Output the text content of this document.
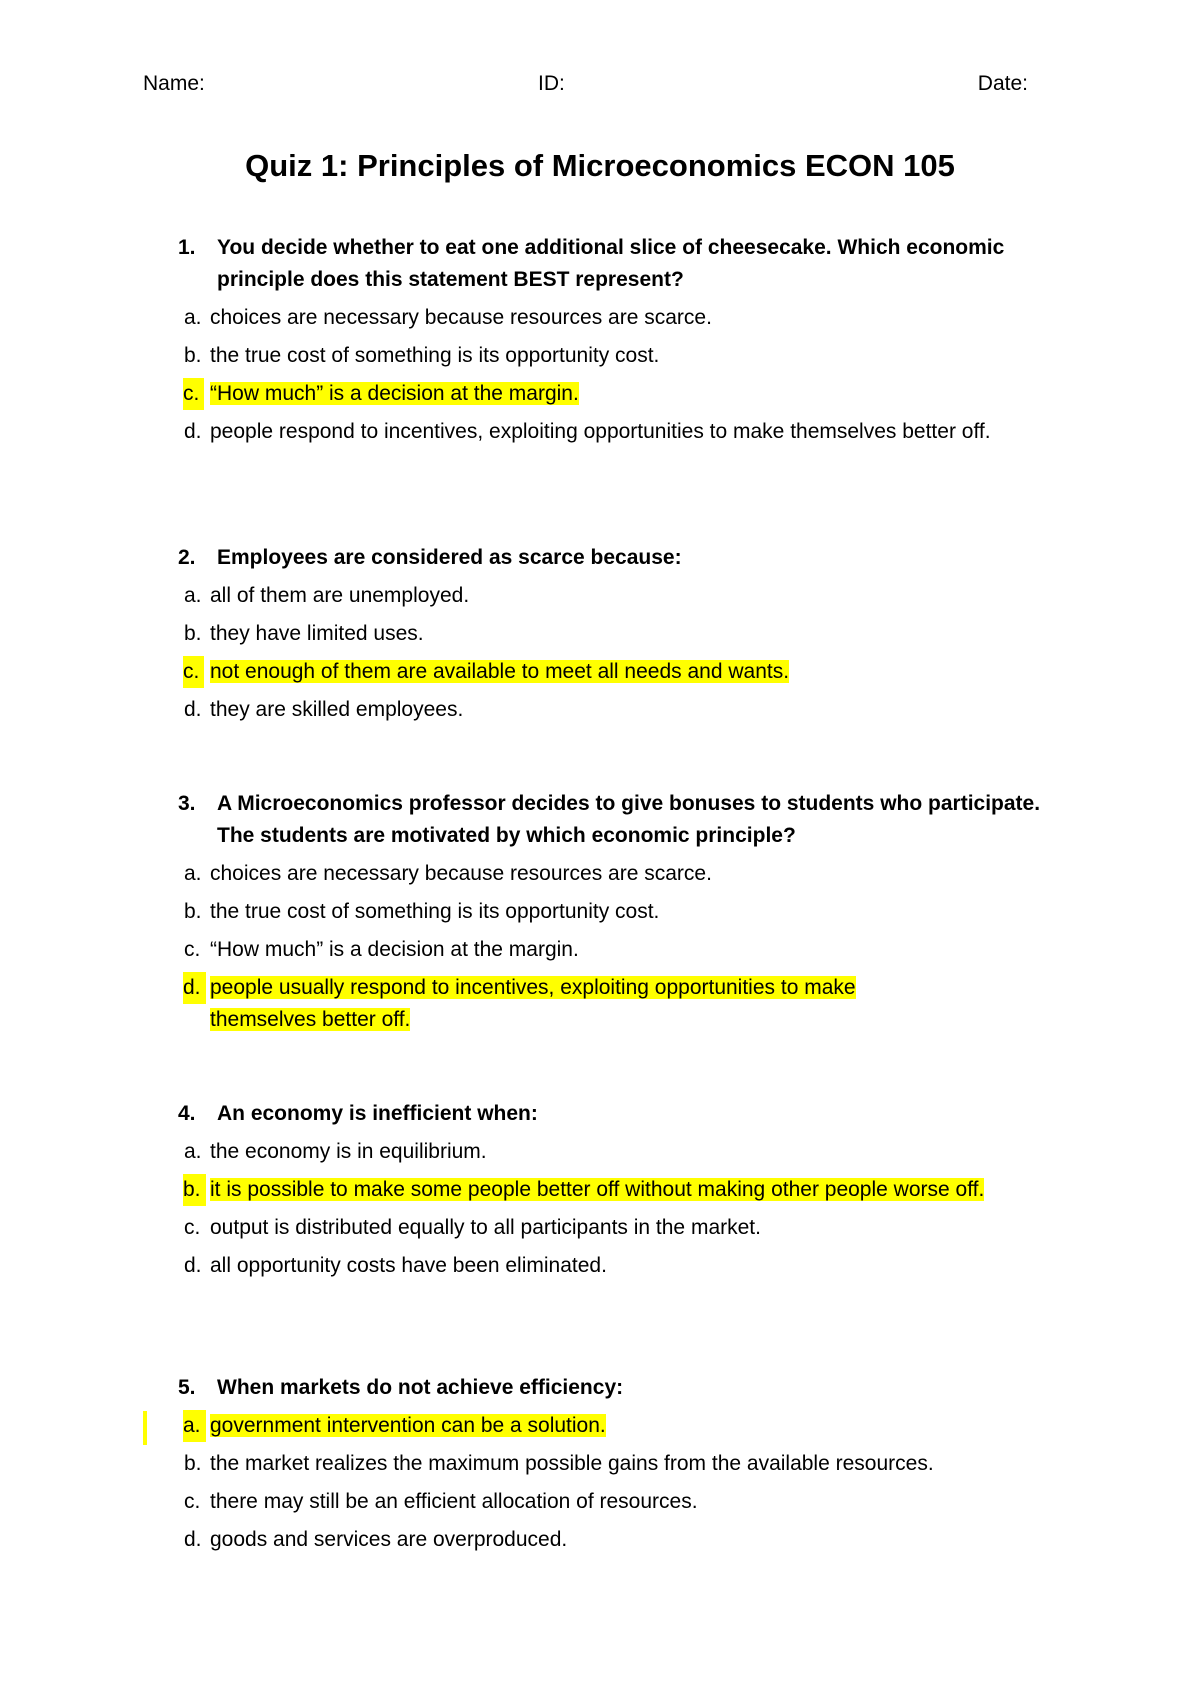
Name:	ID:	Date:
Quiz 1: Principles of Microeconomics ECON 105
1. You decide whether to eat one additional slice of cheesecake. Which economic principle does this statement BEST represent?
a. choices are necessary because resources are scarce.
b. the true cost of something is its opportunity cost.
c. “How much” is a decision at the margin.
d. people respond to incentives, exploiting opportunities to make themselves better off.
2. Employees are considered as scarce because:
a. all of them are unemployed.
b. they have limited uses.
c. not enough of them are available to meet all needs and wants.
d. they are skilled employees.
3. A Microeconomics professor decides to give bonuses to students who participate. The students are motivated by which economic principle?
a. choices are necessary because resources are scarce.
b. the true cost of something is its opportunity cost.
c. “How much” is a decision at the margin.
d. people usually respond to incentives, exploiting opportunities to make themselves better off.
4. An economy is inefficient when:
a. the economy is in equilibrium.
b. it is possible to make some people better off without making other people worse off.
c. output is distributed equally to all participants in the market.
d. all opportunity costs have been eliminated.
5. When markets do not achieve efficiency:
a. government intervention can be a solution.
b. the market realizes the maximum possible gains from the available resources.
c. there may still be an efficient allocation of resources.
d. goods and services are overproduced.
